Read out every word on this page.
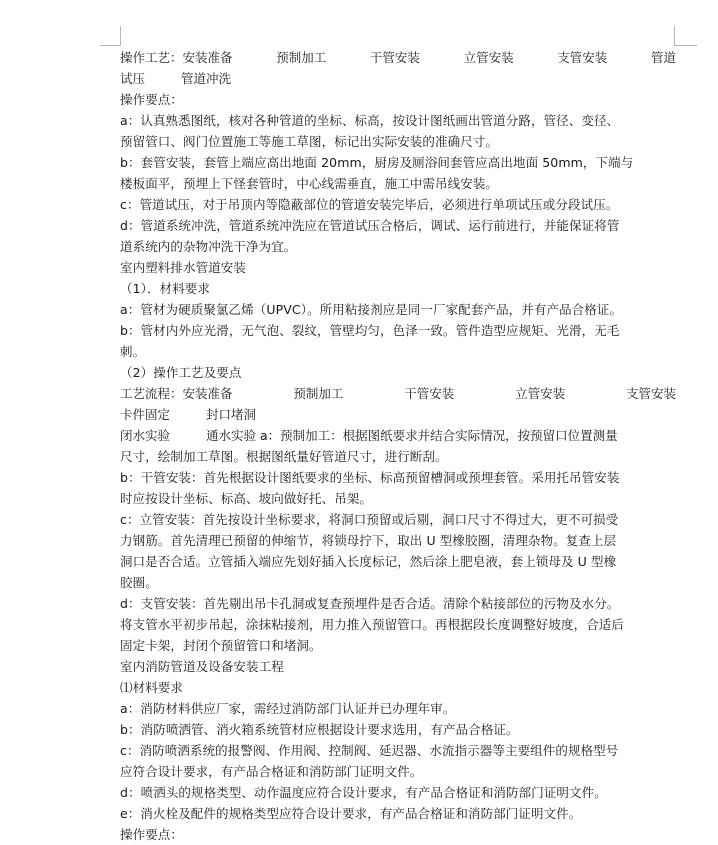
操作工艺：安装准备	预制加工	干管安装	立管安装	支管安装	管道
试压	管道冲洗
操作要点：
a：认真熟悉图纸，核对各种管道的坐标、标高，按设计图纸画出管道分路，管径、变径、
预留管口、阀门位置施工等施工草图，标记出实际安装的准确尺寸。
b：套管安装，套管上端应高出地面 20mm，厨房及厕浴间套管应高出地面 50mm，下端与
楼板面平，预埋上下怪套管时，中心线需垂直，施工中需吊线安装。
c：管道试压，对于吊顶内等隐蔽部位的管道安装完毕后，必须进行单项试压或分段试压。
d：管道系统冲洗，管道系统冲洗应在管道试压合格后，调试、运行前进行，并能保证将管
道系统内的杂物冲洗干净为宜。
室内塑料排水管道安装
（1）．材料要求
a：管材为硬质聚氯乙烯（UPVC）。所用粘接剂应是同一厂家配套产品，并有产品合格证。
b：管材内外应光滑，无气泡、裂纹，管壁均匀，色泽一致。管件造型应规矩、光滑，无毛
刺。
（2）操作工艺及要点
工艺流程：安装准备	预制加工	干管安装	立管安装	支管安装
卡件固定	封口堵洞
闭水实验	通水实验 a：预制加工：根据图纸要求并结合实际情况，按预留口位置测量
尺寸，绘制加工草图。根据图纸量好管道尺寸，进行断刮。
b：干管安装：首先根据设计图纸要求的坐标、标高预留槽洞或预埋套管。采用托吊管安装
时应按设计坐标、标高、坡向做好托、吊架。
c：立管安装：首先按设计坐标要求，将洞口预留或后剔，洞口尺寸不得过大，更不可损受
力钢筋。首先清理已预留的伸缩节，将锁母拧下，取出 U 型橡胶圈，清理杂物。复查上层
洞口是否合适。立管插入端应先划好插入长度标记，然后涂上肥皂液，套上锁母及 U 型橡
胶圈。
d：支管安装：首先剔出吊卡孔洞或复查预埋件是否合适。清除个粘接部位的污物及水分。
将支管水平初步吊起，涂抹粘接剂，用力推入预留管口。再根据段长度调整好坡度，合适后
固定卡架，封闭个预留管口和堵洞。
室内消防管道及设备安装工程
⑴材料要求
a：消防材料供应厂家，需经过消防部门认证并已办理年审。
b：消防喷洒管、消火箱系统管材应根据设计要求选用，有产品合格证。
c：消防喷洒系统的报警阀、作用阀、控制阀、延迟器、水流指示器等主要组件的规格型号
应符合设计要求，有产品合格证和消防部门证明文件。
d：喷洒头的规格类型、动作温度应符合设计要求，有产品合格证和消防部门证明文件。
e：消火栓及配件的规格类型应符合设计要求，有产品合格证和消防部门证明文件。
操作要点：
